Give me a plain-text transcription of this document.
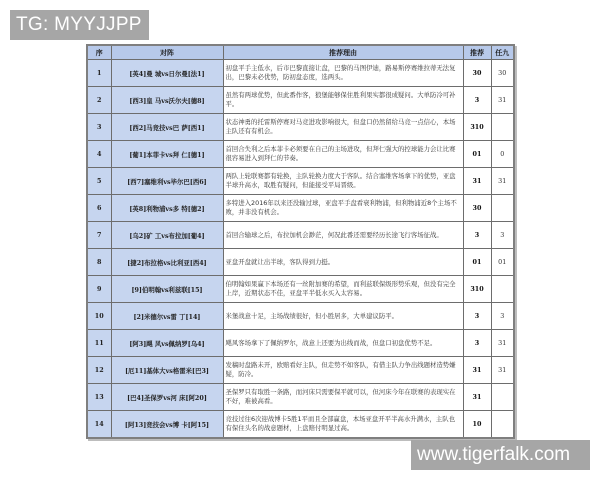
TG: MYYJJPP
序	对阵	推荐理由	推荐	任九
1	[英4]曼 城vs日尔曼[法1]	初盘平手主低水，后市巴黎直接让盘，巴黎的马图伊迪，路易斯停赛维拉蒂无法复出，巴黎未必优势，防初盘态度，选两头。	30	30
2	[西3]皇 马vs沃尔夫[德8]	虽然有两球优势，但此番作客，狼堡能够保住胜利果实都很成疑问。大单防冷可补平。	3	31
3	[西2]马竞技vs巴 萨[西1]	状态神勇的托雷斯停赛对马竞进攻影响很大，但盘口仍然留给马竞一点信心，本场主队还有有机会。	310	
4	[葡1]本菲卡vs拜 仁[德1]	首回合失利之后本菲卡必须要在自己的主场进攻，但拜仁强大的控球能力会让比赛很容易进入到拜仁的节奏。	01	0
5	[西7]塞维利vs毕尔巴[西6]	两队上轮联赛都有轮换，主队轮换力度大于客队。结合塞维客场拿下的优势，亚盘半球升高水，取胜有疑问，但能接受平局晋级。	31	31
6	[英8]利物浦vs多 特[德2]	多特进入2016年以来还没输过球，亚盘平手盘看衰利物浦，但利物浦近8个主场不败，并非没有机会。	30	
7	[乌2]矿 工vs布拉加[葡4]	首回合输球之后，布拉加机会渺茫，何况此番还需要经历长途飞行客场征战。	3	3
8	[捷2]布拉格vs比利亚[西4]	亚盘开盘就让出半球，客队得到力挺。	01	01
9	[9]伯明翰vs利兹联[15]	伯明翰如果赢下本场还有一丝附加赛的希望，而利兹联保级形势乐观，但没有完全上岸，近期状态不佳，亚盘平半低水买入太容易。	310	
10	[2]米德尔vs雷 丁[14]	米堡战意十足，主场战绩很好，但小胜居多，大单建议防平。	3	3
11	[阿3]飓 风vs佩纳罗[乌4]	飓风客场拿下了佩纳罗尔，战意上还要为出线而战，但盘口初盘优势不足。	3	31
12	[厄11]基体大vs格雷米[巴3]	发稿时盘路未开，欧赔看好主队，但走势不如客队，有借主队力争出线题材造势嫌疑，防冷。	31	31
13	[巴4]圣保罗vs河 床[阿20]	圣保罗只有取胜一条路，而河床只需要保平就可以，但河床今年在联赛的表现实在不好，难被高看。	31	
14	[阿13]竞技会vs博 卡[阿15]	竞技过往6次迎战博卡5胜1平而且全部赢盘，本场亚盘开平半高水升满水，主队也有保住头名的战意题材，上盘赔付明显过高。	10	
www.tigerfalk.com
